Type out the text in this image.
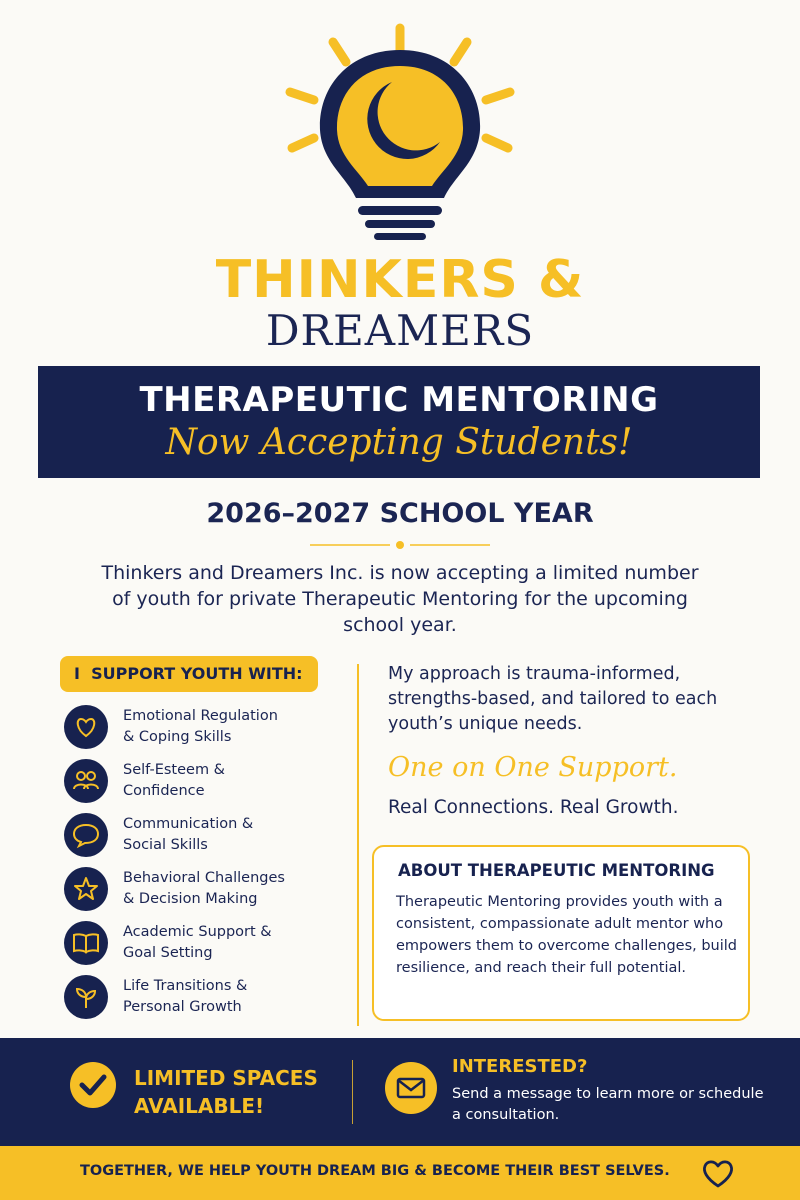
THINKERS &
DREAMERS
THERAPEUTIC MENTORING
Now Accepting Students!
2026–2027 SCHOOL YEAR
Thinkers and Dreamers Inc. is now accepting a limited number of youth for private Therapeutic Mentoring for the upcoming school year.
I  SUPPORT YOUTH WITH:
Emotional Regulation
& Coping Skills
Self-Esteem &
Confidence
Communication &
Social Skills
Behavioral Challenges
& Decision Making
Academic Support &
Goal Setting
Life Transitions &
Personal Growth
My approach is trauma-informed, strengths-based, and tailored to each youth’s unique needs.
One on One Support.
Real Connections. Real Growth.
ABOUT THERAPEUTIC MENTORING
Therapeutic Mentoring provides youth with a consistent, compassionate adult mentor who empowers them to overcome challenges, build resilience, and reach their full potential.
LIMITED SPACES
AVAILABLE!
INTERESTED?
Send a message to learn more or schedule a consultation.
TOGETHER, WE HELP YOUTH DREAM BIG & BECOME THEIR BEST SELVES.
